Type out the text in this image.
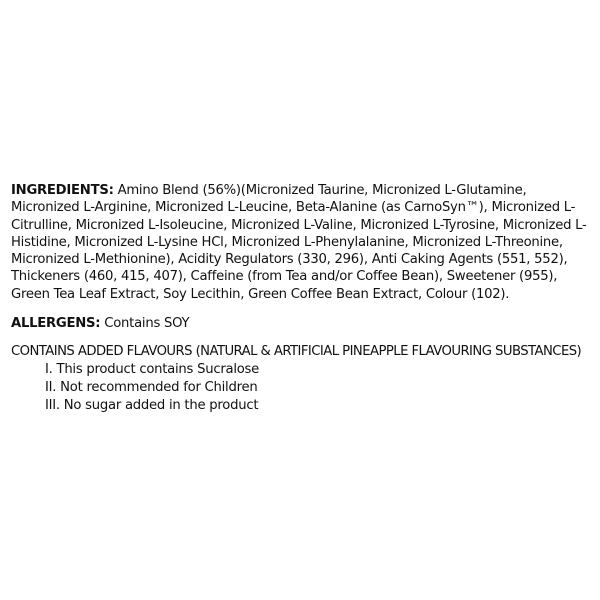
INGREDIENTS: Amino Blend (56%)(Micronized Taurine, Micronized L-Glutamine, Micronized L-Arginine, Micronized L-Leucine, Beta-Alanine (as CarnoSyn™), Micronized L-Citrulline, Micronized L-Isoleucine, Micronized L-Valine, Micronized L-Tyrosine, Micronized L-Histidine, Micronized L-Lysine HCl, Micronized L-Phenylalanine, Micronized L-Threonine, Micronized L-Methionine), Acidity Regulators (330, 296), Anti Caking Agents (551, 552), Thickeners (460, 415, 407), Caffeine (from Tea and/or Coffee Bean), Sweetener (955), Green Tea Leaf Extract, Soy Lecithin, Green Coffee Bean Extract, Colour (102).

ALLERGENS: Contains SOY

CONTAINS ADDED FLAVOURS (NATURAL & ARTIFICIAL PINEAPPLE FLAVOURING SUBSTANCES)

I. This product contains Sucralose
II. Not recommended for Children
III. No sugar added in the product
